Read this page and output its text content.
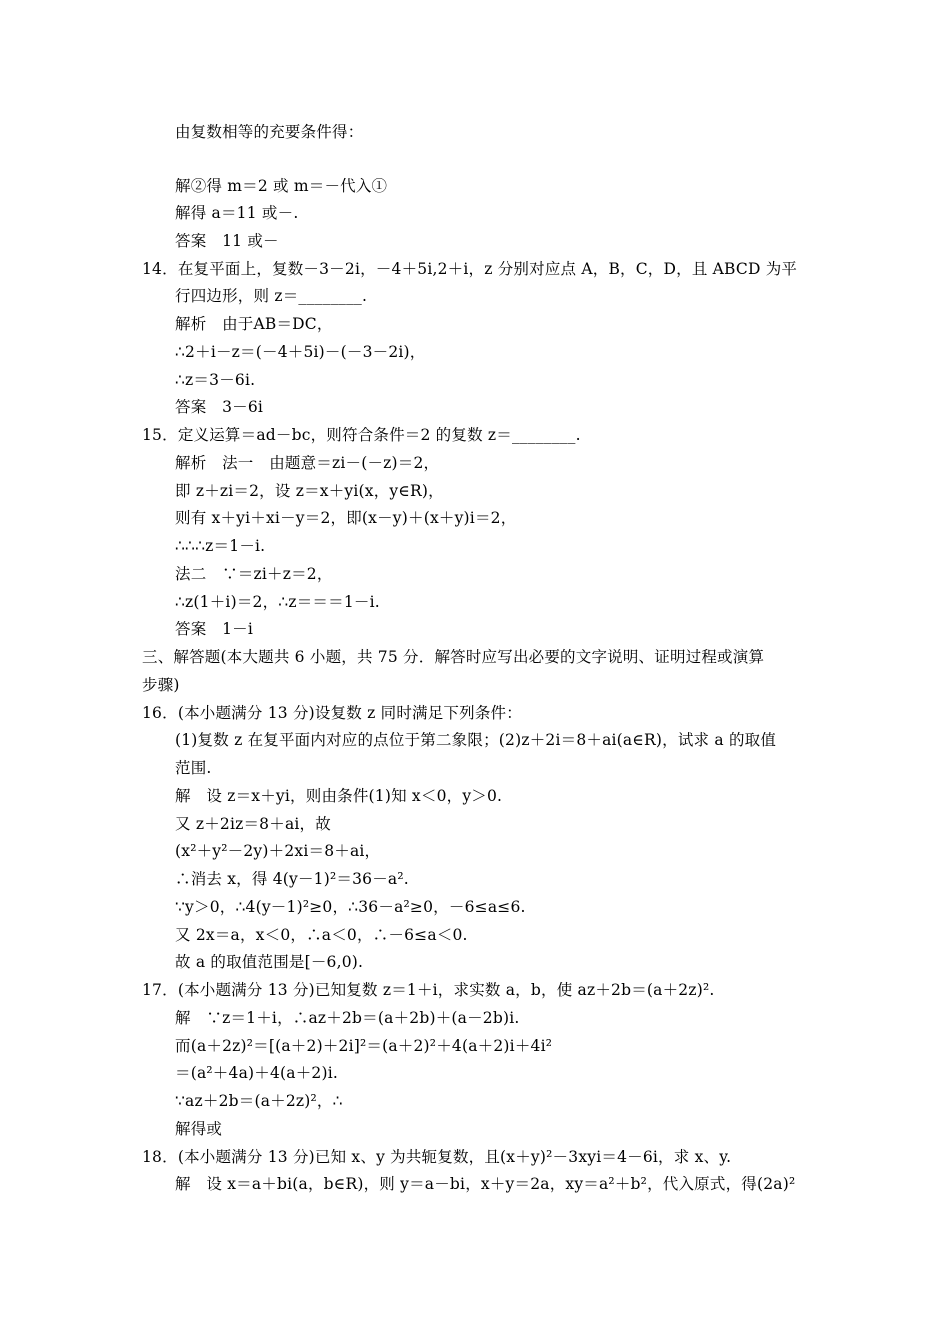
由复数相等的充要条件得：
解②得 m＝2 或 m＝－代入①
解得 a＝11 或－.
答案　11 或－
14．在复平面上，复数－3－2i，－4＋5i,2＋i，z 分别对应点 A，B，C，D，且 ABCD 为平
行四边形，则 z＝________.
解析　由于AB＝DC，
∴2＋i－z＝(－4＋5i)－(－3－2i)，
∴z＝3－6i.
答案　3－6i
15．定义运算＝ad－bc，则符合条件＝2 的复数 z＝________.
解析　法一　由题意＝zi－(－z)＝2，
即 z＋zi＝2，设 z＝x＋yi(x，y∈R)，
则有 x＋yi＋xi－y＝2，即(x－y)＋(x＋y)i＝2，
∴∴∴z＝1－i.
法二　∵＝zi＋z＝2，
∴z(1＋i)＝2，∴z＝＝＝1－i.
答案　1－i
三、解答题(本大题共 6 小题，共 75 分．解答时应写出必要的文字说明、证明过程或演算
步骤)
16．(本小题满分 13 分)设复数 z 同时满足下列条件：
(1)复数 z 在复平面内对应的点位于第二象限；(2)z＋2i＝8＋ai(a∈R)，试求 a 的取值
范围.
解　设 z＝x＋yi，则由条件(1)知 x＜0，y＞0.
又 z＋2iz＝8＋ai，故
(x²＋y²－2y)＋2xi＝8＋ai，
∴消去 x，得 4(y－1)²＝36－a².
∵y＞0，∴4(y－1)²≥0，∴36－a²≥0，－6≤a≤6.
又 2x＝a，x＜0，∴a＜0，∴－6≤a＜0.
故 a 的取值范围是[－6,0).
17．(本小题满分 13 分)已知复数 z＝1＋i，求实数 a，b，使 az＋2b＝(a＋2z)².
解　∵z＝1＋i，∴az＋2b＝(a＋2b)＋(a－2b)i.
而(a＋2z)²＝[(a＋2)＋2i]²＝(a＋2)²＋4(a＋2)i＋4i²
＝(a²＋4a)＋4(a＋2)i.
∵az＋2b＝(a＋2z)²，∴
解得或
18．(本小题满分 13 分)已知 x、y 为共轭复数，且(x＋y)²－3xyi＝4－6i，求 x、y.
解　设 x＝a＋bi(a，b∈R)，则 y＝a－bi，x＋y＝2a，xy＝a²＋b²，代入原式，得(2a)²
